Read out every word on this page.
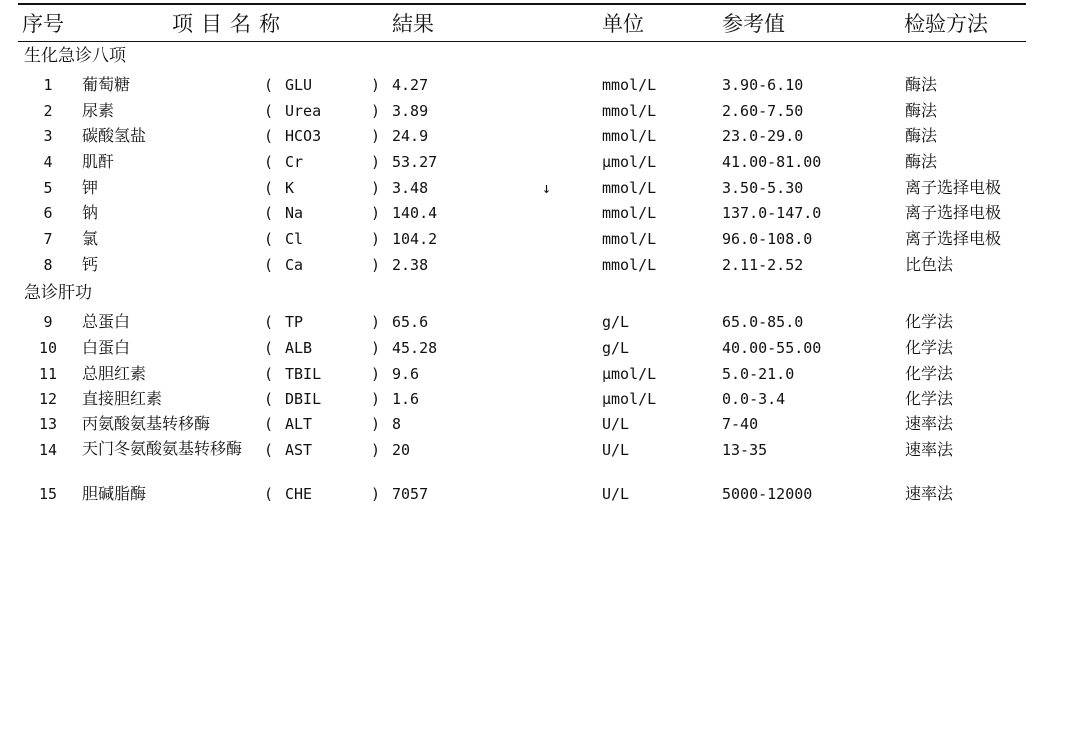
序号	项目名称	結果	单位	参考值	检验方法
生化急诊八项
急诊肝功
1	葡萄糖	( GLU	) 4.27	mmol/L	3.90-6.10	酶法
2	尿素	( Urea	) 3.89	mmol/L	2.60-7.50	酶法
3	碳酸氢盐	( HCO3	) 24.9	mmol/L	23.0-29.0	酶法
4	肌酐	( Cr	) 53.27	μmol/L	41.00-81.00	酶法
5	钾	( K	) 3.48	↓	mmol/L	3.50-5.30	离子选择电极
6	钠	( Na	) 140.4	mmol/L	137.0-147.0	离子选择电极
7	氯	( Cl	) 104.2	mmol/L	96.0-108.0	离子选择电极
8	钙	( Ca	) 2.38	mmol/L	2.11-2.52	比色法
9	总蛋白	( TP	) 65.6	g/L	65.0-85.0	化学法
10	白蛋白	( ALB	) 45.28	g/L	40.00-55.00	化学法
11	总胆红素	( TBIL	) 9.6	μmol/L	5.0-21.0	化学法
12	直接胆红素	( DBIL	) 1.6	μmol/L	0.0-3.4	化学法
13	丙氨酸氨基转移酶	( ALT	) 8	U/L	7-40	速率法
14	天门冬氨酸氨基转移酶	( AST	) 20	U/L	13-35	速率法
15	胆碱脂酶	( CHE	) 7057	U/L	5000-12000	速率法
